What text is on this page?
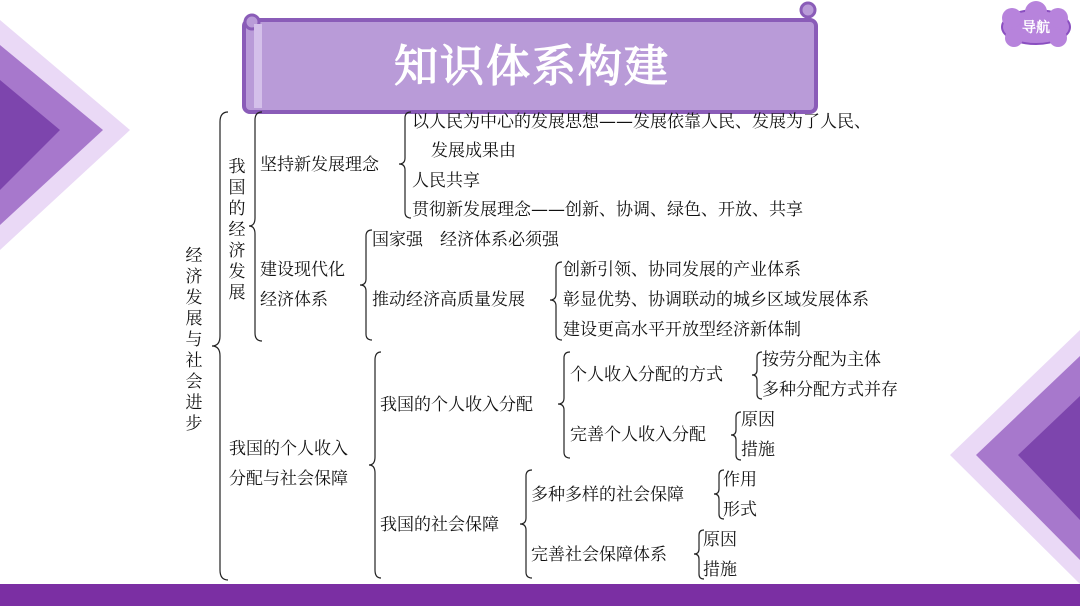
知识体系构建
导航
经济发展与社会进步
我国的经济发展
坚持新发展理念
以人民为中心的发展思想——发展依靠人民、发展为了人民、
发展成果由
人民共享
贯彻新发展理念——创新、协调、绿色、开放、共享
建设现代化
经济体系
国家强　经济体系必须强
推动经济高质量发展
创新引领、协同发展的产业体系
彰显优势、协调联动的城乡区域发展体系
建设更高水平开放型经济新体制
我国的个人收入
分配与社会保障
我国的个人收入分配
个人收入分配的方式
按劳分配为主体
多种分配方式并存
完善个人收入分配
原因
措施
我国的社会保障
多种多样的社会保障
作用
形式
完善社会保障体系
原因
措施
